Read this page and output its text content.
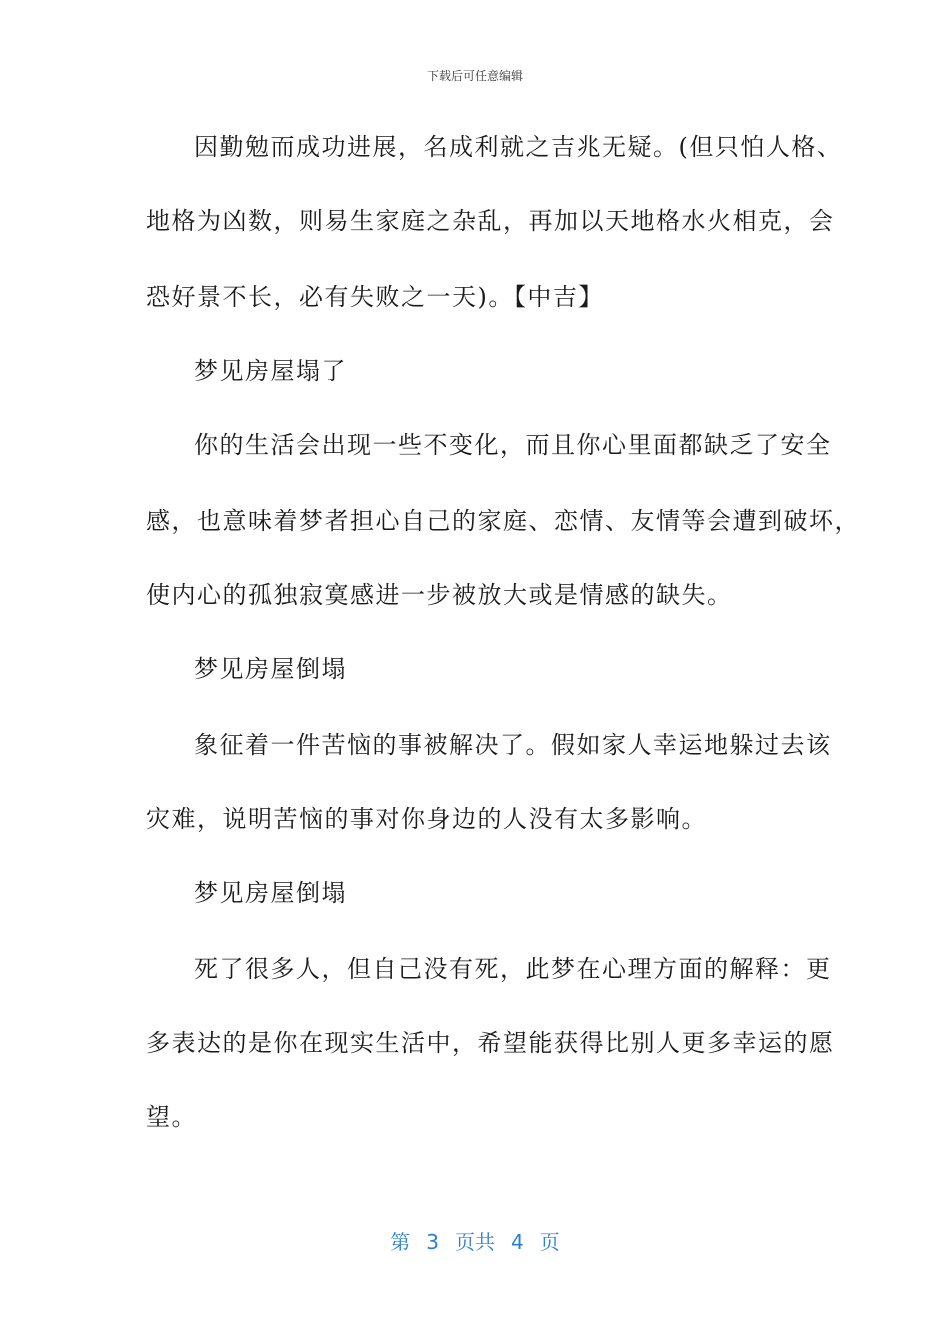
下载后可任意编辑
因勤勉而成功进展，名成利就之吉兆无疑。(但只怕人格、
地格为凶数，则易生家庭之杂乱，再加以天地格水火相克，会
恐好景不长，必有失败之一天)。【中吉】
梦见房屋塌了
你的生活会出现一些不变化，而且你心里面都缺乏了安全
感，也意味着梦者担心自己的家庭、恋情、友情等会遭到破坏，
使内心的孤独寂寞感进一步被放大或是情感的缺失。
梦见房屋倒塌
象征着一件苦恼的事被解决了。假如家人幸运地躲过去该
灾难，说明苦恼的事对你身边的人没有太多影响。
梦见房屋倒塌
死了很多人，但自己没有死，此梦在心理方面的解释：更
多表达的是你在现实生活中，希望能获得比别人更多幸运的愿
望。
第 3 页共 4 页
